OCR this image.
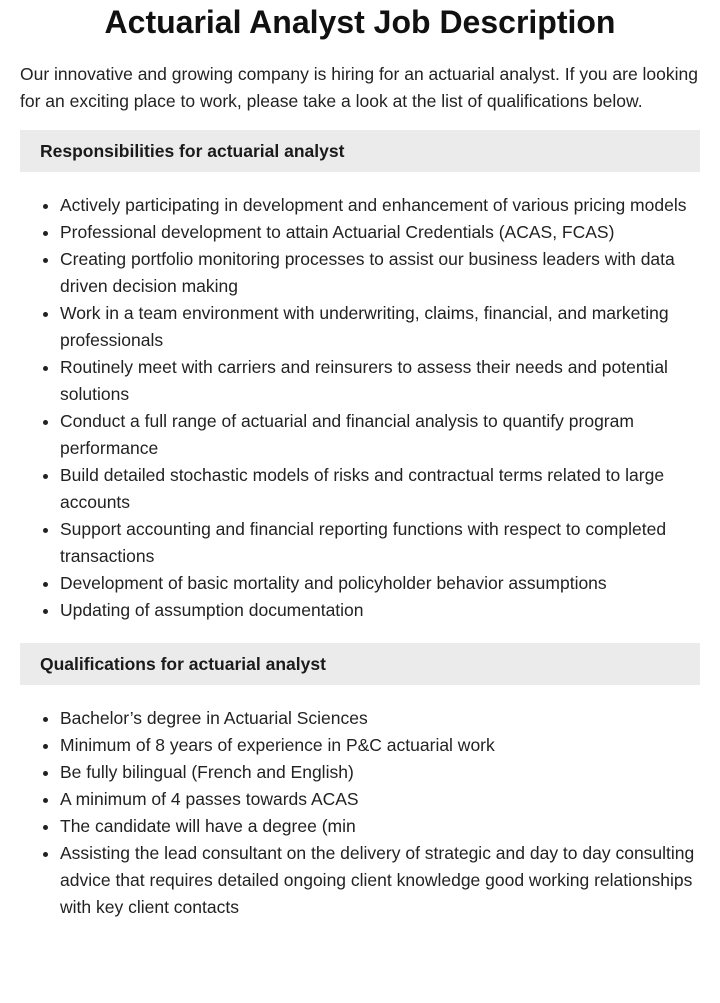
Actuarial Analyst Job Description

Our innovative and growing company is hiring for an actuarial analyst. If you are looking for an exciting place to work, please take a look at the list of qualifications below.

Responsibilities for actuarial analyst
• Actively participating in development and enhancement of various pricing models
• Professional development to attain Actuarial Credentials (ACAS, FCAS)
• Creating portfolio monitoring processes to assist our business leaders with data driven decision making
• Work in a team environment with underwriting, claims, financial, and marketing professionals
• Routinely meet with carriers and reinsurers to assess their needs and potential solutions
• Conduct a full range of actuarial and financial analysis to quantify program performance
• Build detailed stochastic models of risks and contractual terms related to large accounts
• Support accounting and financial reporting functions with respect to completed transactions
• Development of basic mortality and policyholder behavior assumptions
• Updating of assumption documentation
Qualifications for actuarial analyst
• Bachelor’s degree in Actuarial Sciences
• Minimum of 8 years of experience in P&C actuarial work
• Be fully bilingual (French and English)
• A minimum of 4 passes towards ACAS
• The candidate will have a degree (min
• Assisting the lead consultant on the delivery of strategic and day to day consulting advice that requires detailed ongoing client knowledge good working relationships with key client contacts
